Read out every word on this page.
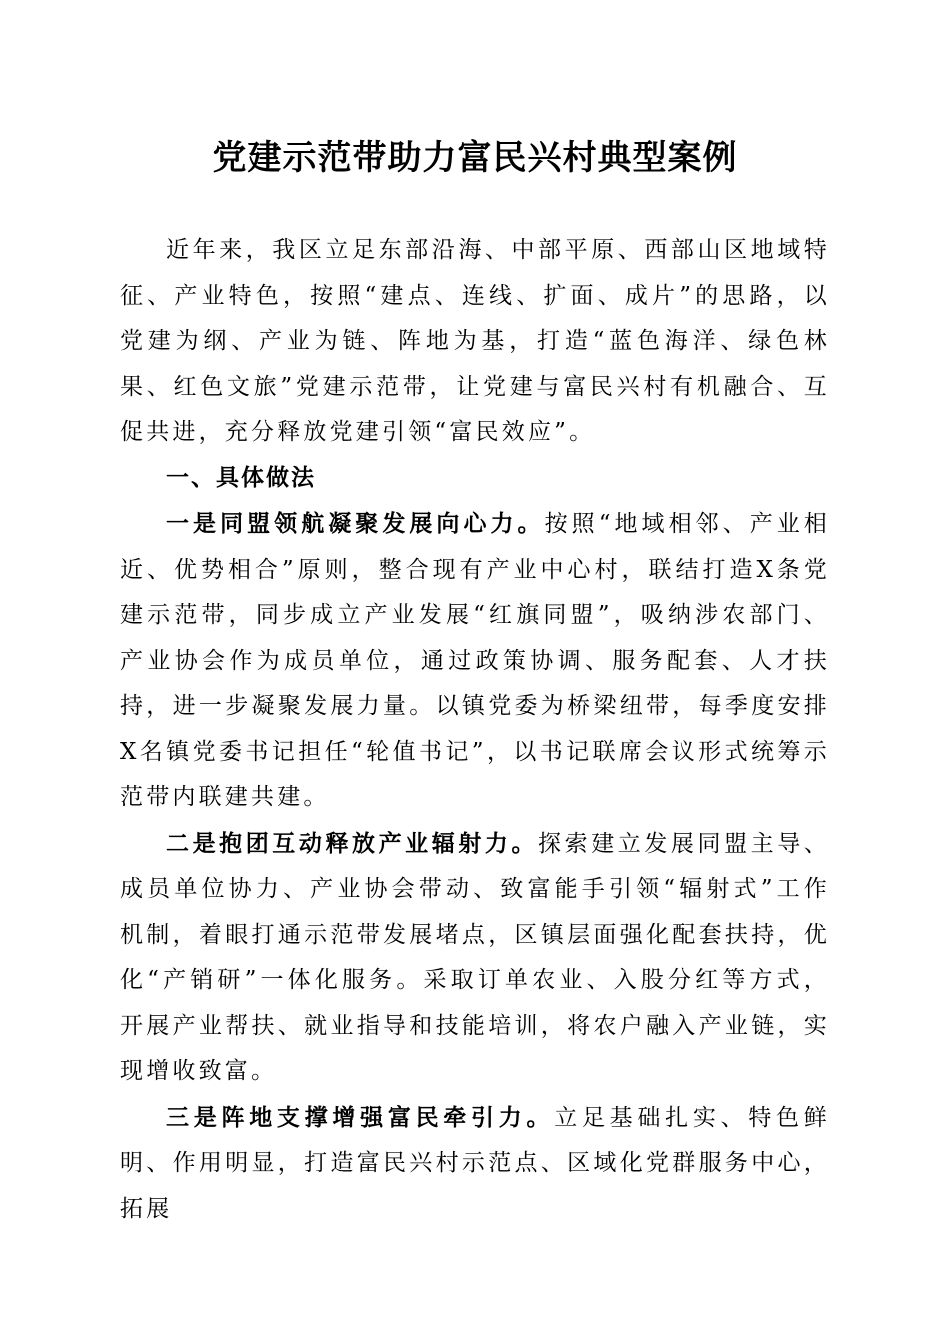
党建示范带助力富民兴村典型案例

近年来，我区立足东部沿海、中部平原、西部山区地域特征、产业特色，按照“建点、连线、扩面、成片”的思路，以党建为纲、产业为链、阵地为基，打造“蓝色海洋、绿色林果、红色文旅”党建示范带，让党建与富民兴村有机融合、互促共进，充分释放党建引领“富民效应”。

一、具体做法

一是同盟领航凝聚发展向心力。按照“地域相邻、产业相近、优势相合”原则，整合现有产业中心村，联结打造X条党建示范带，同步成立产业发展“红旗同盟”，吸纳涉农部门、产业协会作为成员单位，通过政策协调、服务配套、人才扶持，进一步凝聚发展力量。以镇党委为桥梁纽带，每季度安排X名镇党委书记担任“轮值书记”，以书记联席会议形式统筹示范带内联建共建。

二是抱团互动释放产业辐射力。探索建立发展同盟主导、成员单位协力、产业协会带动、致富能手引领“辐射式”工作机制，着眼打通示范带发展堵点，区镇层面强化配套扶持，优化“产销研”一体化服务。采取订单农业、入股分红等方式，开展产业帮扶、就业指导和技能培训，将农户融入产业链，实现增收致富。

三是阵地支撑增强富民牵引力。立足基础扎实、特色鲜明、作用明显，打造富民兴村示范点、区域化党群服务中心，拓展
